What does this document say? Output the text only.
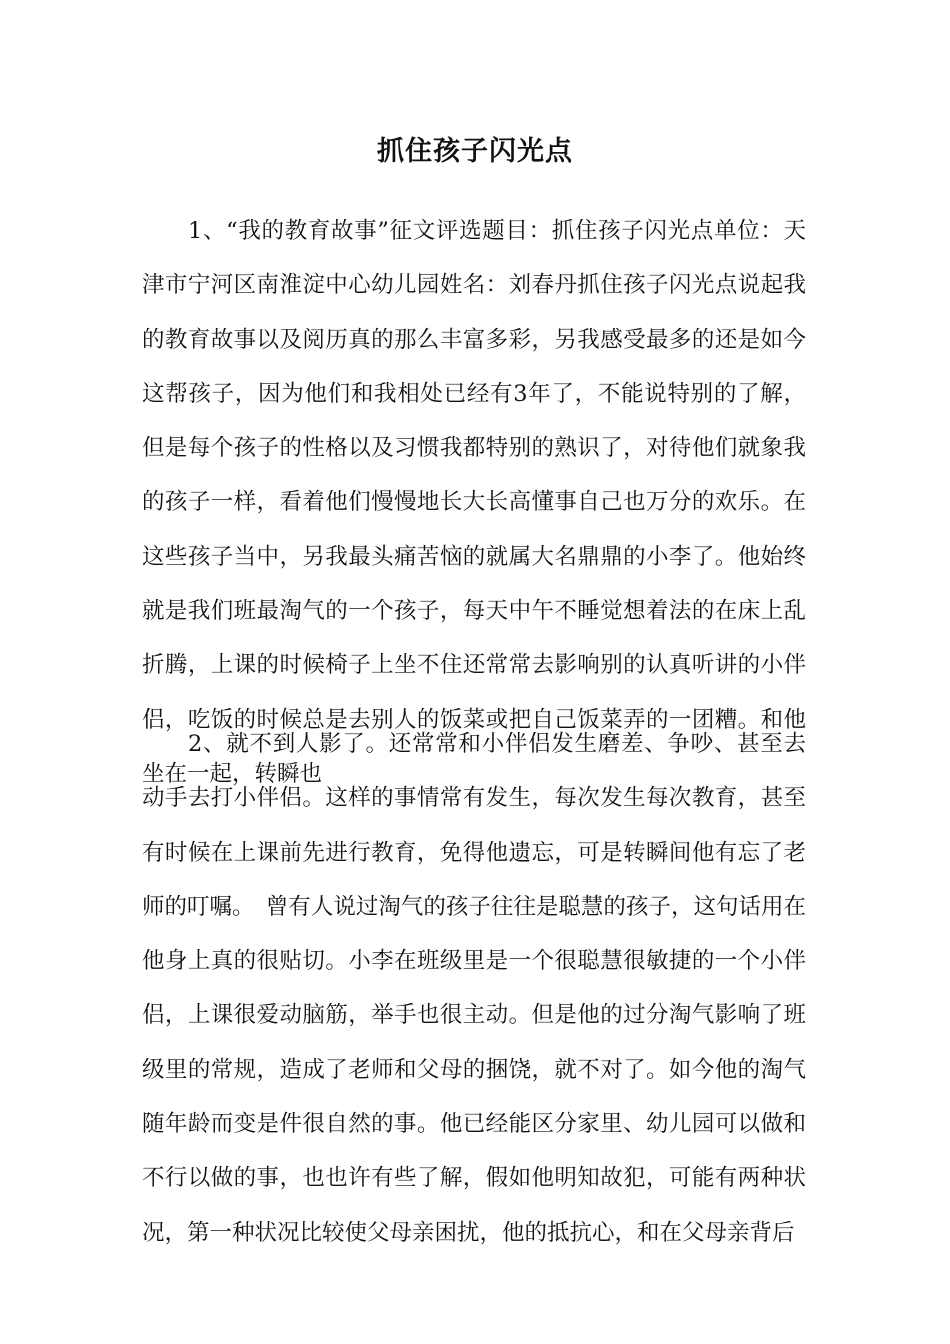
抓住孩子闪光点

1、“我的教育故事”征文评选题目：抓住孩子闪光点单位：天津市宁河区南淮淀中心幼儿园姓名：刘春丹抓住孩子闪光点说起我的教育故事以及阅历真的那么丰富多彩，另我感受最多的还是如今这帮孩子，因为他们和我相处已经有3年了，不能说特别的了解，但是每个孩子的性格以及习惯我都特别的熟识了，对待他们就象我的孩子一样，看着他们慢慢地长大长高懂事自己也万分的欢乐。在这些孩子当中，另我最头痛苦恼的就属大名鼎鼎的小李了。他始终就是我们班最淘气的一个孩子，每天中午不睡觉想着法的在床上乱折腾，上课的时候椅子上坐不住还常常去影响别的认真听讲的小伴侣，吃饭的时候总是去别人的饭菜或把自己饭菜弄的一团糟。和他坐在一起，转瞬也

2、就不到人影了。还常常和小伴侣发生磨差、争吵、甚至去动手去打小伴侣。这样的事情常有发生，每次发生每次教育，甚至有时候在上课前先进行教育，免得他遗忘，可是转瞬间他有忘了老师的叮嘱。　曾有人说过淘气的孩子往往是聪慧的孩子，这句话用在他身上真的很贴切。小李在班级里是一个很聪慧很敏捷的一个小伴侣，上课很爱动脑筋，举手也很主动。但是他的过分淘气影响了班级里的常规，造成了老师和父母的捆饶，就不对了。如今他的淘气随年龄而变是件很自然的事。他已经能区分家里、幼儿园可以做和不行以做的事，也也许有些了解，假如他明知故犯，可能有两种状况，第一种状况比较使父母亲困扰，他的抵抗心，和在父母亲背后
